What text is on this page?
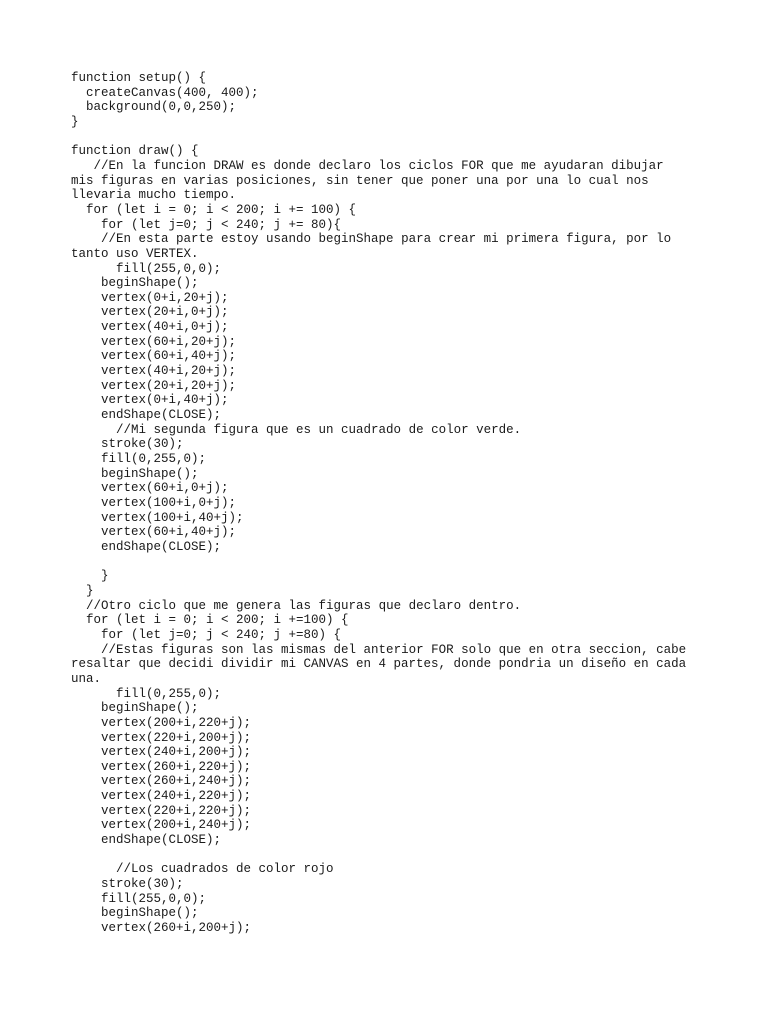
function setup() {
createCanvas(400, 400);
background(0,0,250);
}
function draw() {
//En la funcion DRAW es donde declaro los ciclos FOR que me ayudaran dibujar mis figuras en varias posiciones, sin tener que poner una por una lo cual nos llevaria mucho tiempo.
for (let i = 0; i < 200; i += 100) {
for (let j=0; j < 240; j += 80){
//En esta parte estoy usando beginShape para crear mi primera figura, por lo tanto uso VERTEX.
fill(255,0,0);
beginShape();
vertex(0+i,20+j);
vertex(20+i,0+j);
vertex(40+i,0+j);
vertex(60+i,20+j);
vertex(60+i,40+j);
vertex(40+i,20+j);
vertex(20+i,20+j);
vertex(0+i,40+j);
endShape(CLOSE);
//Mi segunda figura que es un cuadrado de color verde.
stroke(30);
fill(0,255,0);
beginShape();
vertex(60+i,0+j);
vertex(100+i,0+j);
vertex(100+i,40+j);
vertex(60+i,40+j);
endShape(CLOSE);
}
}
//Otro ciclo que me genera las figuras que declaro dentro.
for (let i = 0; i < 200; i +=100) {
for (let j=0; j < 240; j +=80) {
//Estas figuras son las mismas del anterior FOR solo que en otra seccion, cabe resaltar que decidi dividir mi CANVAS en 4 partes, donde pondria un diseño en cada una.
fill(0,255,0);
beginShape();
vertex(200+i,220+j);
vertex(220+i,200+j);
vertex(240+i,200+j);
vertex(260+i,220+j);
vertex(260+i,240+j);
vertex(240+i,220+j);
vertex(220+i,220+j);
vertex(200+i,240+j);
endShape(CLOSE);
//Los cuadrados de color rojo
stroke(30);
fill(255,0,0);
beginShape();
vertex(260+i,200+j);
